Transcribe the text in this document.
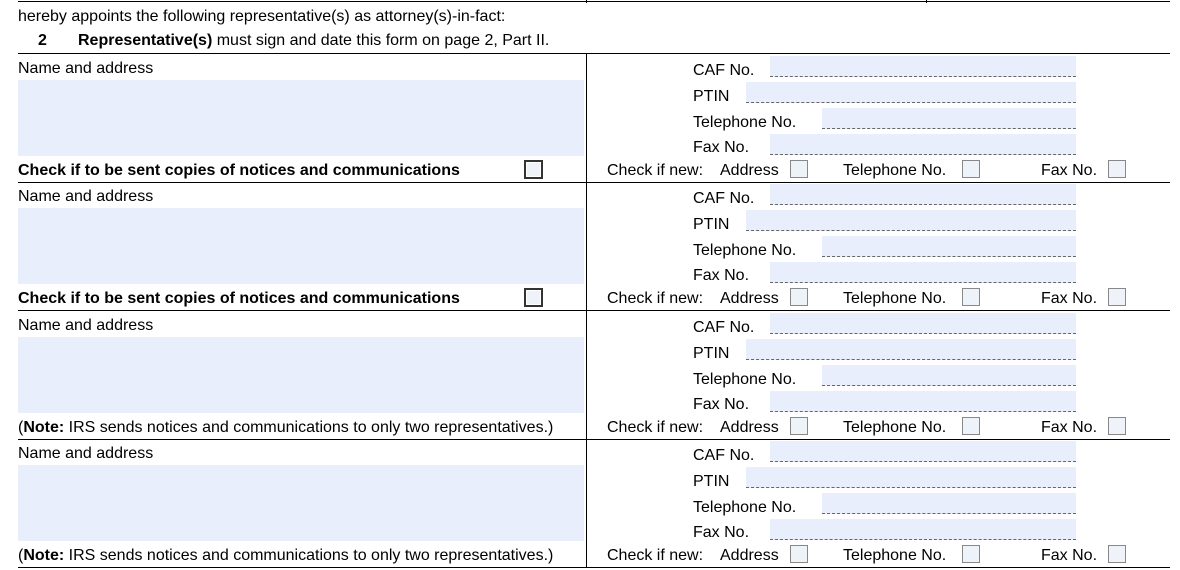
hereby appoints the following representative(s) as attorney(s)-in-fact:
2 Representative(s) must sign and date this form on page 2, Part II.
Name and address
Check if to be sent copies of notices and communications
CAF No.
PTIN
Telephone No.
Fax No.
Check if new: Address	Telephone No.	Fax No.
Name and address
Check if to be sent copies of notices and communications
CAF No.
PTIN
Telephone No.
Fax No.
Check if new: Address	Telephone No.	Fax No.
Name and address
(Note: IRS sends notices and communications to only two representatives.)
CAF No.
PTIN
Telephone No.
Fax No.
Check if new: Address	Telephone No.	Fax No.
Name and address
(Note: IRS sends notices and communications to only two representatives.)
CAF No.
PTIN
Telephone No.
Fax No.
Check if new: Address	Telephone No.	Fax No.
